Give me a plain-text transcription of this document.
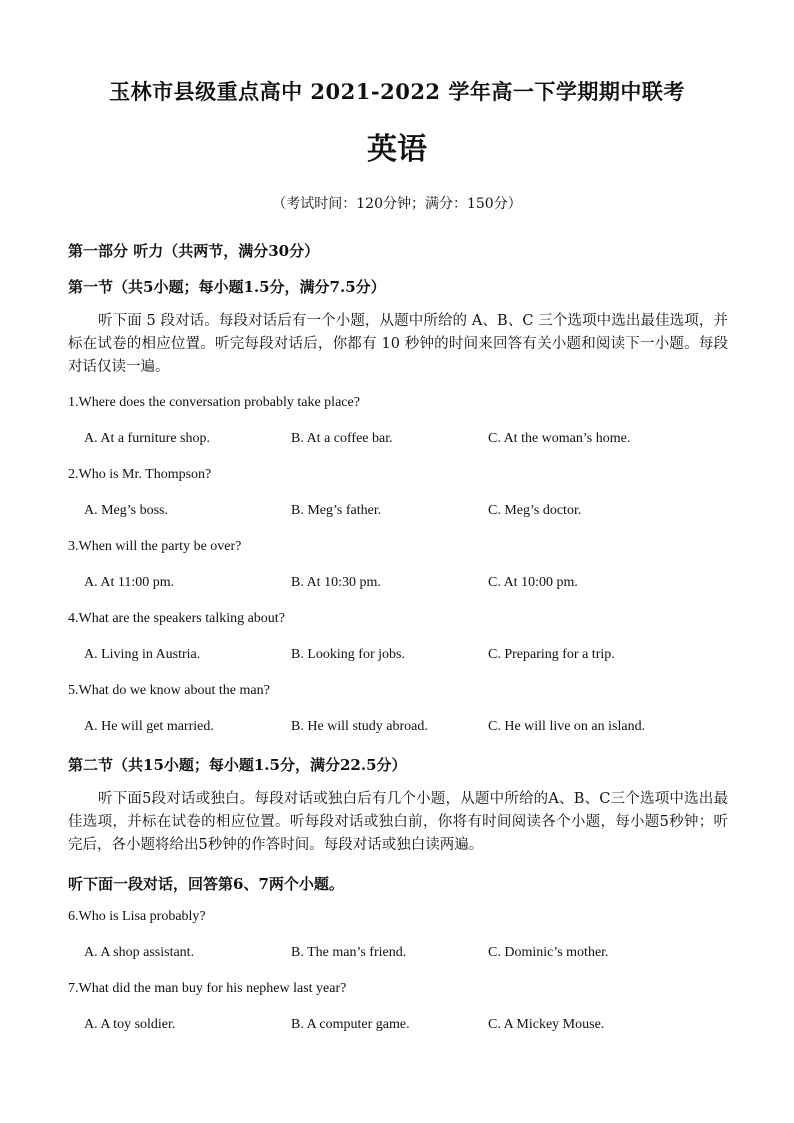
玉林市县级重点高中 2021-2022 学年高一下学期期中联考
英语
（考试时间：120分钟；满分：150分）
第一部分 听力（共两节，满分30分）
第一节（共5小题；每小题1.5分，满分7.5分）
听下面 5 段对话。每段对话后有一个小题，从题中所给的 A、B、C 三个选项中选出最佳选项，并标在试卷的相应位置。听完每段对话后，你都有 10 秒钟的时间来回答有关小题和阅读下一小题。每段对话仅读一遍。
1.Where does the conversation probably take place?
A. At a furniture shop.	B. At a coffee bar.	C. At the woman’s home.
2.Who is Mr. Thompson?
A. Meg’s boss.	B. Meg’s father.	C. Meg’s doctor.
3.When will the party be over?
A. At 11:00 pm.	B. At 10:30 pm.	C. At 10:00 pm.
4.What are the speakers talking about?
A. Living in Austria.	B. Looking for jobs.	C. Preparing for a trip.
5.What do we know about the man?
A. He will get married.	B. He will study abroad.	C. He will live on an island.
第二节（共15小题；每小题1.5分，满分22.5分）
听下面5段对话或独白。每段对话或独白后有几个小题，从题中所给的A、B、C三个选项中选出最佳选项，并标在试卷的相应位置。听每段对话或独白前，你将有时间阅读各个小题，每小题5秒钟；听完后，各小题将给出5秒钟的作答时间。每段对话或独白读两遍。
听下面一段对话，回答第6、7两个小题。
6.Who is Lisa probably?
A. A shop assistant.	B. The man’s friend.	C. Dominic’s mother.
7.What did the man buy for his nephew last year?
A. A toy soldier.	B. A computer game.	C. A Mickey Mouse.
